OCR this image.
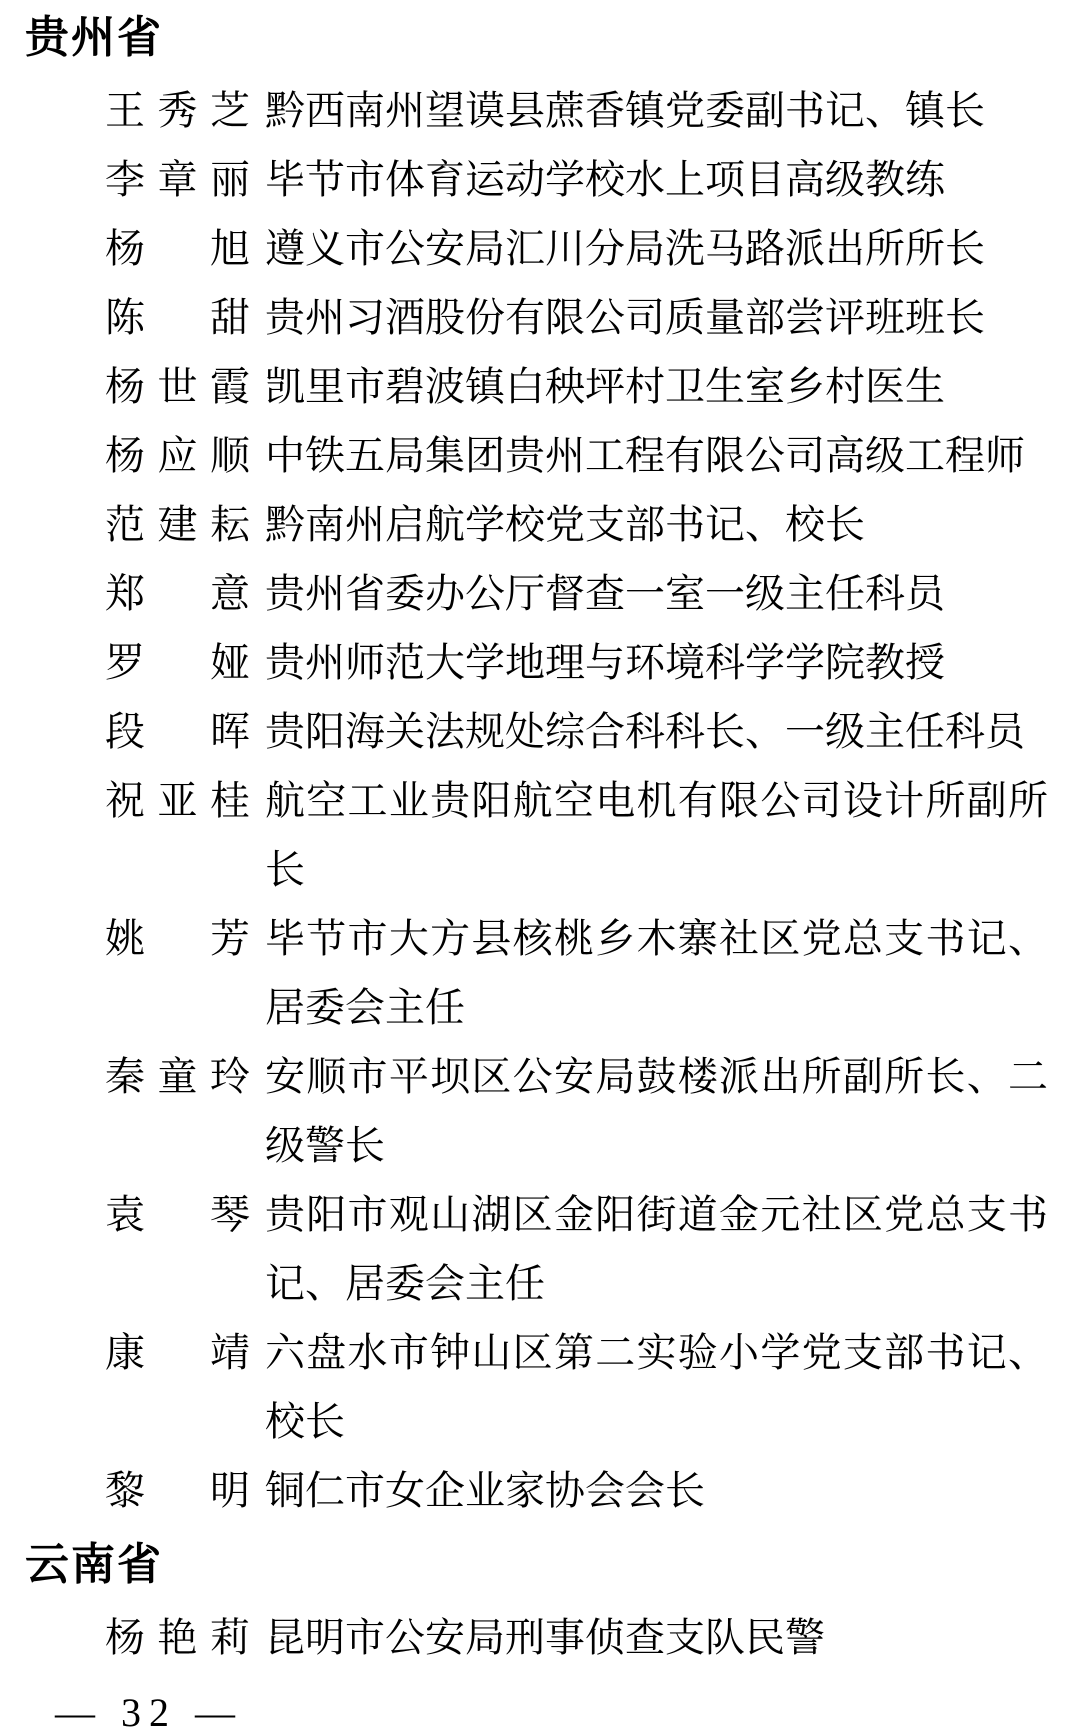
贵州省
王秀芝 黔西南州望谟县蔗香镇党委副书记、镇长
李章丽 毕节市体育运动学校水上项目高级教练
杨　旭 遵义市公安局汇川分局洗马路派出所所长
陈　甜 贵州习酒股份有限公司质量部尝评班班长
杨世霞 凯里市碧波镇白秧坪村卫生室乡村医生
杨应顺 中铁五局集团贵州工程有限公司高级工程师
范建耘 黔南州启航学校党支部书记、校长
郑　意 贵州省委办公厅督查一室一级主任科员
罗　娅 贵州师范大学地理与环境科学学院教授
段　晖 贵阳海关法规处综合科科长、一级主任科员
祝亚桂 航空工业贵阳航空电机有限公司设计所副所长
姚　芳 毕节市大方县核桃乡木寨社区党总支书记、居委会主任
秦童玲 安顺市平坝区公安局鼓楼派出所副所长、二级警长
袁　琴 贵阳市观山湖区金阳街道金元社区党总支书记、居委会主任
康　靖 六盘水市钟山区第二实验小学党支部书记、校长
黎　明 铜仁市女企业家协会会长
云南省
杨艳莉 昆明市公安局刑事侦查支队民警
— 32 —
